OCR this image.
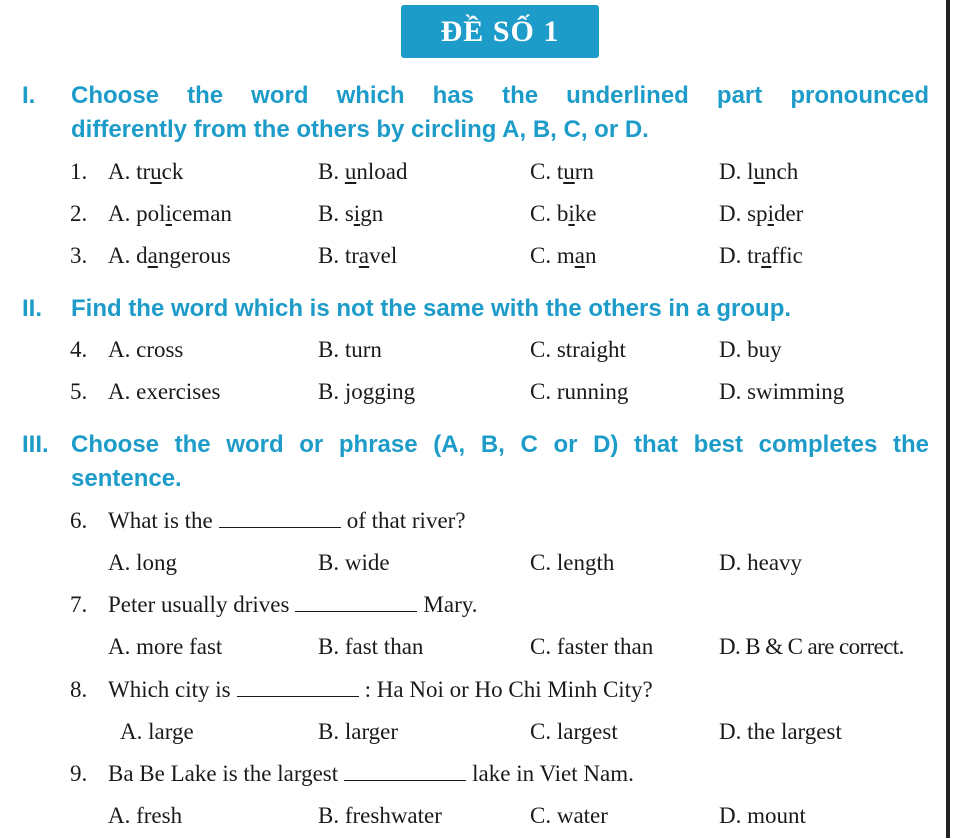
ĐỀ SỐ 1
I. Choose the word which has the underlined part pronounced
differently from the others by circling A, B, C, or D.
1. A. truck	B. unload	C. turn	D. lunch
2. A. policeman	B. sign	C. bike	D. spider
3. A. dangerous	B. travel	C. man	D. traffic
II. Find the word which is not the same with the others in a group.
4. A. cross	B. turn	C. straight	D. buy
5. A. exercises	B. jogging	C. running	D. swimming
III. Choose the word or phrase (A, B, C or D) that best completes the
sentence.
6. What is the	of that river?
A. long	B. wide	C. length	D. heavy
7. Peter usually drives	Mary.
A. more fast	B. fast than	C. faster than	D. B & C are correct.
8. Which city is	: Ha Noi or Ho Chi Minh City?
A. large	B. larger	C. largest	D. the largest
9. Ba Be Lake is the largest	lake in Viet Nam.
A. fresh	B. freshwater	C. water	D. mount
